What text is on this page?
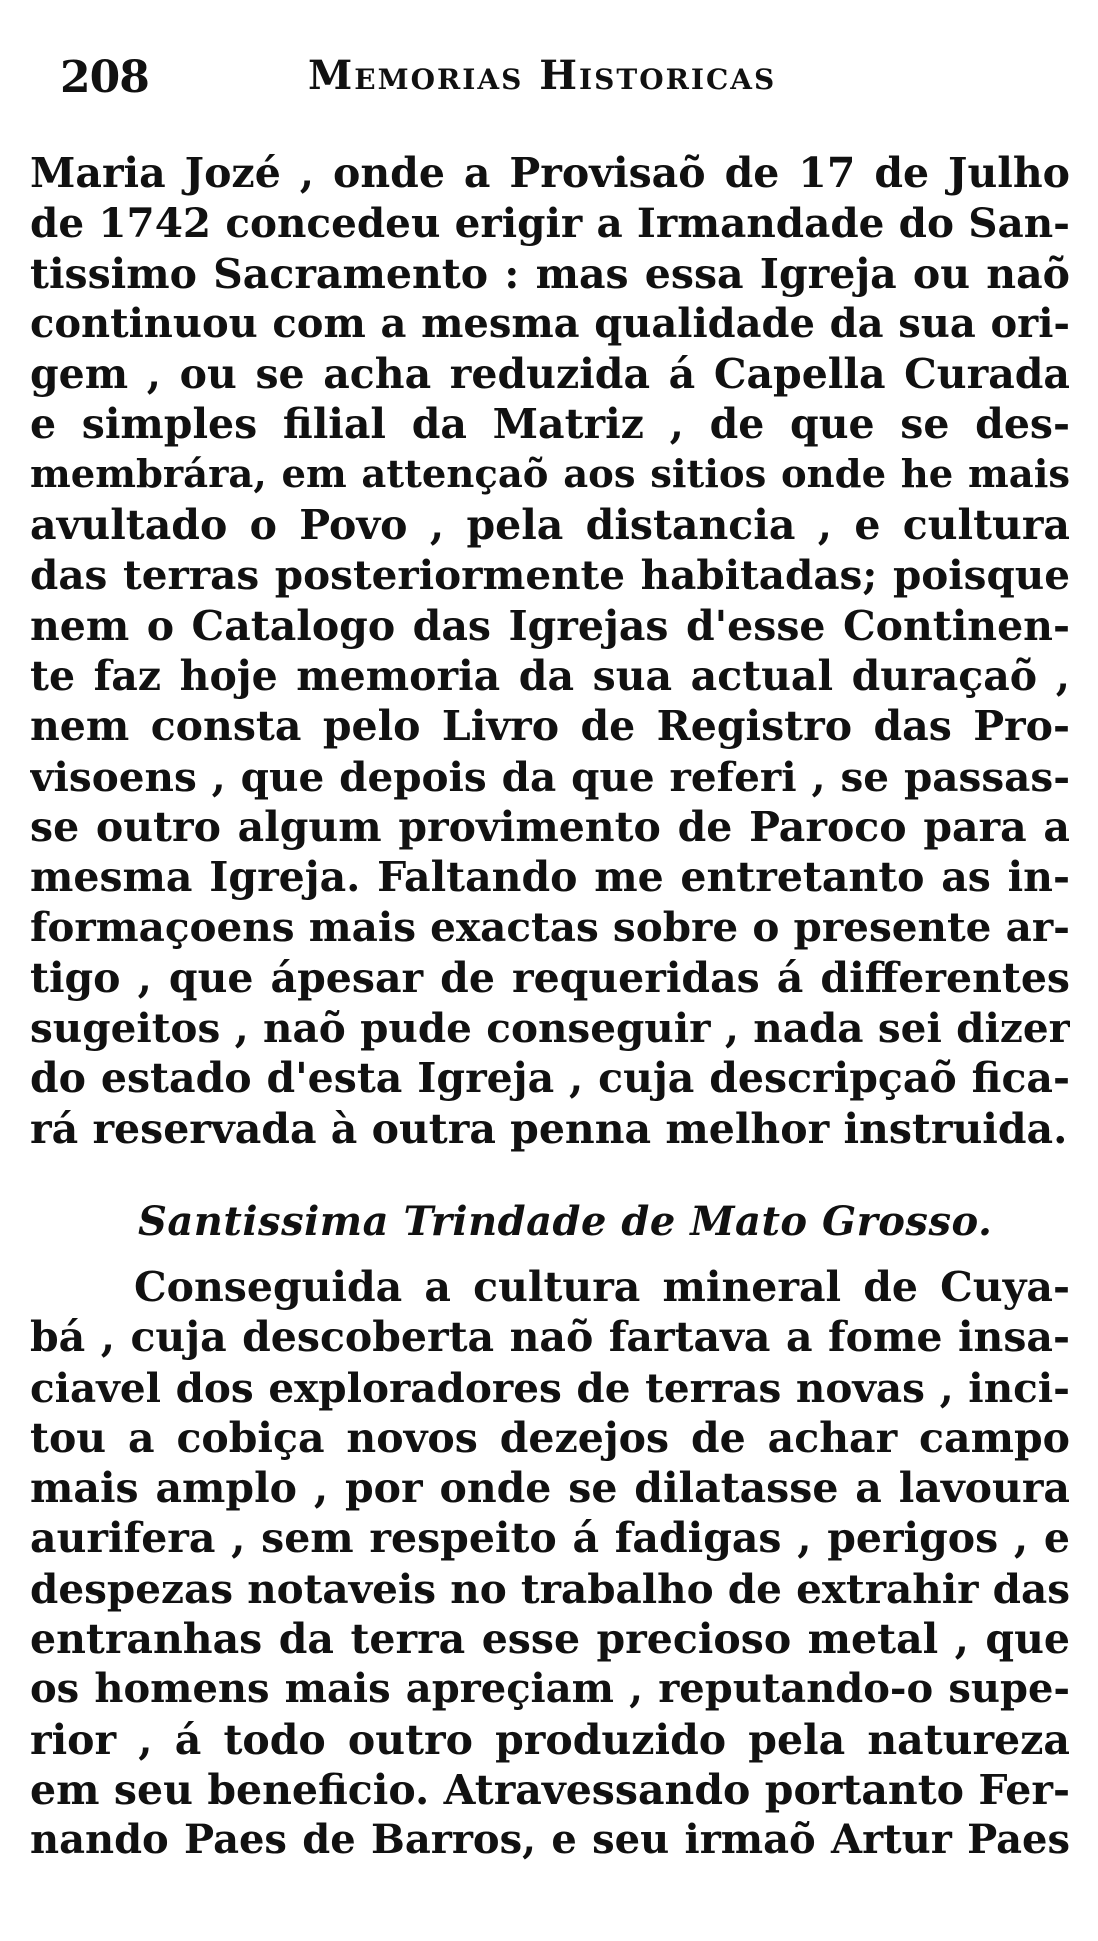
208	Memorias Historicas
Maria Jozé , onde a Provisaõ de 17 de Julho
de 1742 concedeu erigir a Irmandade do San-
tissimo Sacramento : mas essa Igreja ou naõ
continuou com a mesma qualidade da sua ori-
gem , ou se acha reduzida á Capella Curada
e simples filial da Matriz , de que se des-
membrára, em attençaõ aos sitios onde he mais
avultado o Povo , pela distancia , e cultura
das terras posteriormente habitadas; poisque
nem o Catalogo das Igrejas d'esse Continen-
te faz hoje memoria da sua actual duraçaõ ,
nem consta pelo Livro de Registro das Pro-
visoens , que depois da que referi , se passas-
se outro algum provimento de Paroco para a
mesma Igreja. Faltando me entretanto as in-
formaçoens mais exactas sobre o presente ar-
tigo , que ápesar de requeridas á differentes
sugeitos , naõ pude conseguir , nada sei dizer
do estado d'esta Igreja , cuja descripçaõ fica-
rá reservada à outra penna melhor instruida.
Santissima Trindade de Mato Grosso.
Conseguida a cultura mineral de Cuya-
bá , cuja descoberta naõ fartava a fome insa-
ciavel dos exploradores de terras novas , inci-
tou a cobiça novos dezejos de achar campo
mais amplo , por onde se dilatasse a lavoura
aurifera , sem respeito á fadigas , perigos , e
despezas notaveis no trabalho de extrahir das
entranhas da terra esse precioso metal , que
os homens mais apreçiam , reputando-o supe-
rior , á todo outro produzido pela natureza
em seu beneficio. Atravessando portanto Fer-
nando Paes de Barros, e seu irmaõ Artur Paes
